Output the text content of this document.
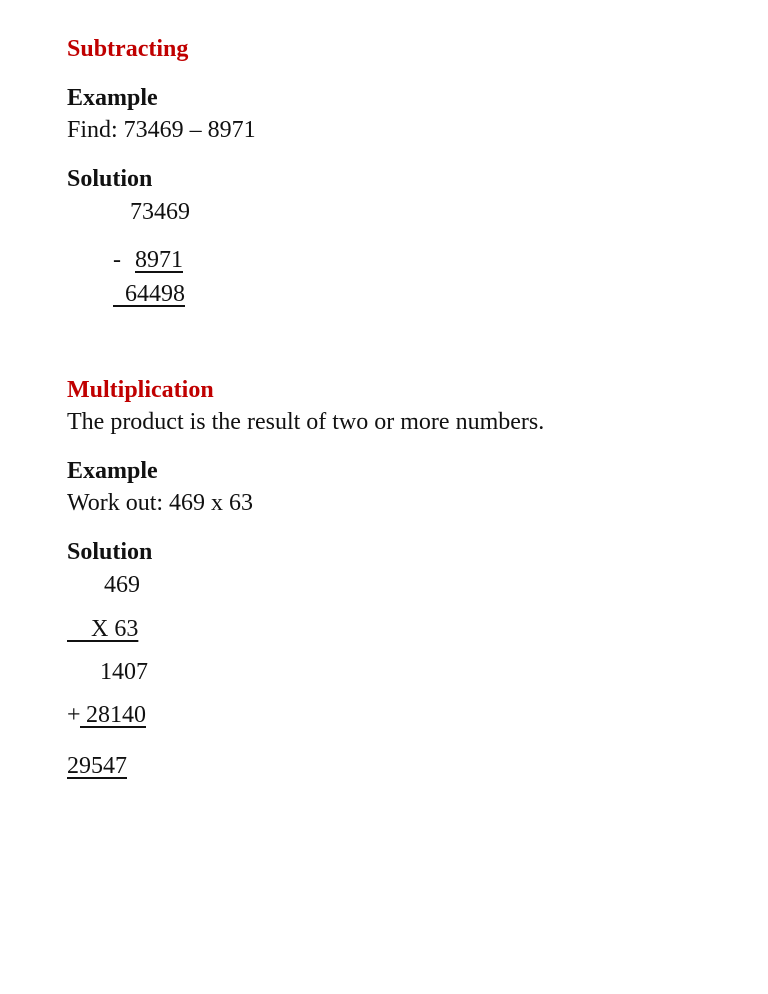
Subtracting
Example
Find: 73469 – 8971
Solution
73469
- 8971
64498
Multiplication
The product is the result of two or more numbers.
Example
Work out: 469 x 63
Solution
469
X 63
1407
+ 28140
29547
